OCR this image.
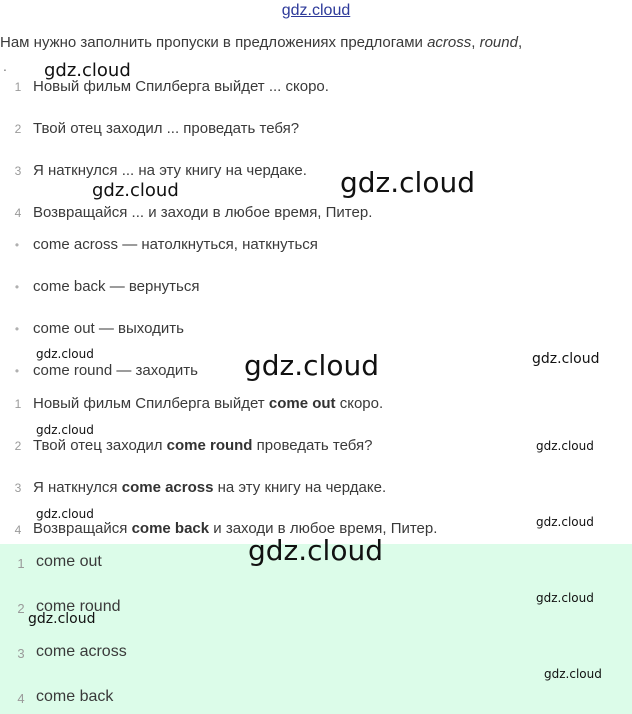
gdz.cloud
Нам нужно заполнить пропуски в предложениях предлогами across, round,
.
1 Новый фильм Спилберга выйдет ... скоро.
2 Твой отец заходил ... проведать тебя?
3 Я наткнулся ... на эту книгу на чердаке.
4 Возвращайся ... и заходи в любое время, Питер.
• come across — натолкнуться, наткнуться
• come back — вернуться
• come out — выходить
• come round — заходить
1 Новый фильм Спилберга выйдет come out скоро.
2 Твой отец заходил come round проведать тебя?
3 Я наткнулся come across на эту книгу на чердаке.
4 Возвращайся come back и заходи в любое время, Питер.
1 come out
2 come round
3 come across
4 come back
gdz.cloud
gdz.cloud	gdz.cloud
gdz.cloud	gdz.cloud	gdz.cloud
gdz.cloud
gdz.cloud
gdz.cloud
gdz.cloud
gdz.cloud
gdz.cloud
gdz.cloud
gdz.cloud
